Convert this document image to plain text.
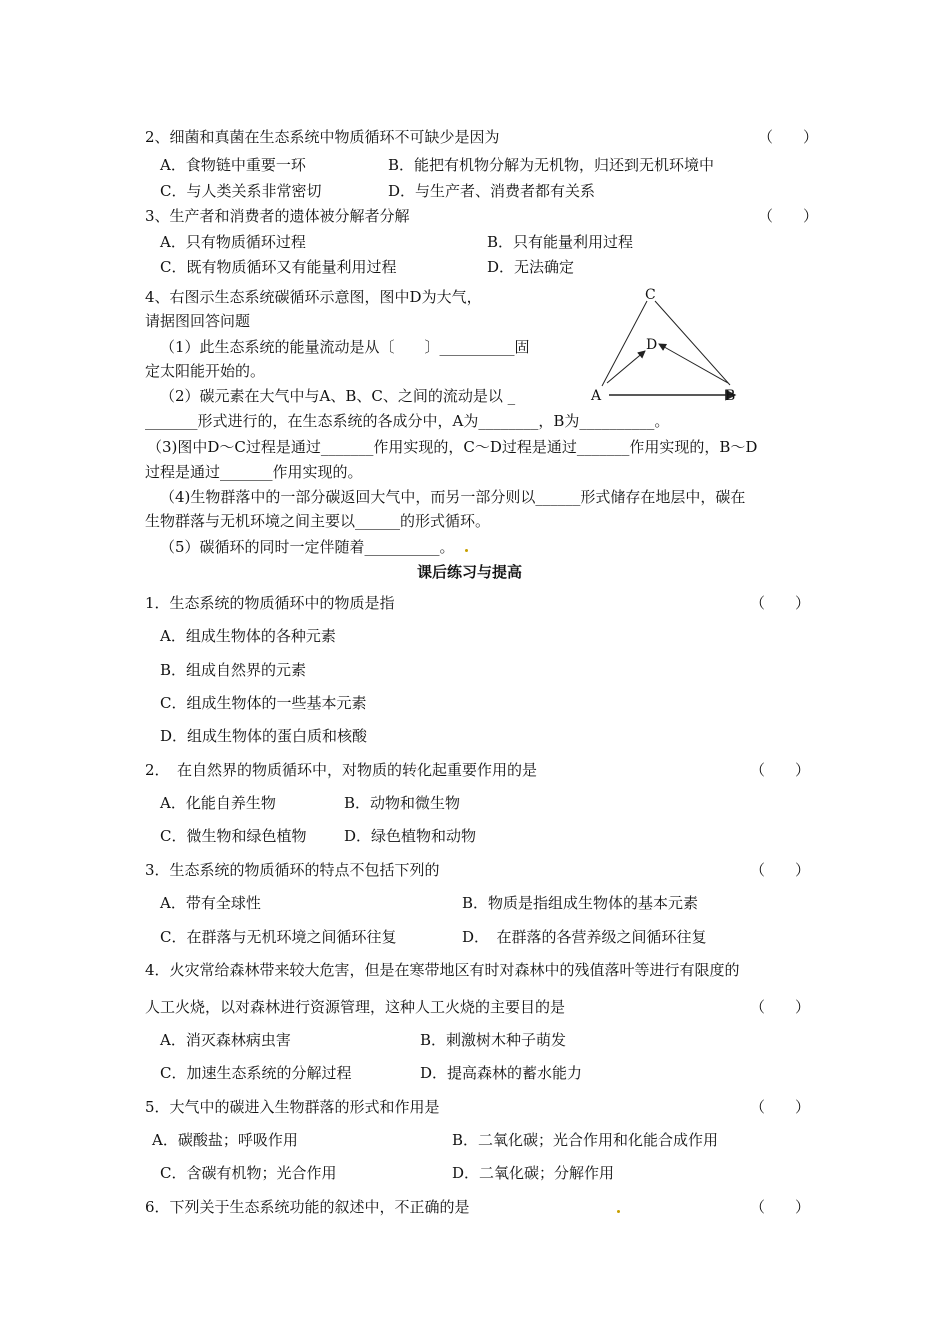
2、细菌和真菌在生态系统中物质循环不可缺少是因为	（　　）
A．食物链中重要一环	B．能把有机物分解为无机物，归还到无机环境中
C．与人类关系非常密切	D．与生产者、消费者都有关系
3、生产者和消费者的遗体被分解者分解	（　　）
A．只有物质循环过程	B．只有能量利用过程
C．既有物质循环又有能量利用过程	D．无法确定
4、右图示生态系统碳循环示意图，图中D为大气，
请据图回答问题
（1）此生态系统的能量流动是从〔　　〕__________固
定太阳能开始的。
（2）碳元素在大气中与A、B、C、之间的流动是以 _
_______形式进行的，在生态系统的各成分中，A为________，B为__________。
（3)图中D～C过程是通过_______作用实现的，C～D过程是通过_______作用实现的，B～D
过程是通过_______作用实现的。
（4)生物群落中的一部分碳返回大气中，而另一部分则以______形式储存在地层中，碳在
生物群落与无机环境之间主要以______的形式循环。
（5）碳循环的同时一定伴随着__________。
C
D
A	B
课后练习与提高
1．生态系统的物质循环中的物质是指	（　　）
A．组成生物体的各种元素
B．组成自然界的元素
C．组成生物体的一些基本元素
D．组成生物体的蛋白质和核酸
2．　在自然界的物质循环中，对物质的转化起重要作用的是	（　　）
A．化能自养生物	B．动物和微生物
C．微生物和绿色植物	D．绿色植物和动物
3．生态系统的物质循环的特点不包括下列的	（　　）
A．带有全球性	B．物质是指组成生物体的基本元素
C．在群落与无机环境之间循环往复	D．　在群落的各营养级之间循环往复
4．火灾常给森林带来较大危害，但是在寒带地区有时对森林中的残值落叶等进行有限度的
人工火烧，以对森林进行资源管理，这种人工火烧的主要目的是	（　　）
A．消灭森林病虫害	B．刺激树木种子萌发
C．加速生态系统的分解过程	D．提高森林的蓄水能力
5．大气中的碳进入生物群落的形式和作用是	（　　）
A．碳酸盐；呼吸作用	B．二氧化碳；光合作用和化能合成作用
C．含碳有机物；光合作用	D．二氧化碳；分解作用
6．下列关于生态系统功能的叙述中，不正确的是	（　　）
